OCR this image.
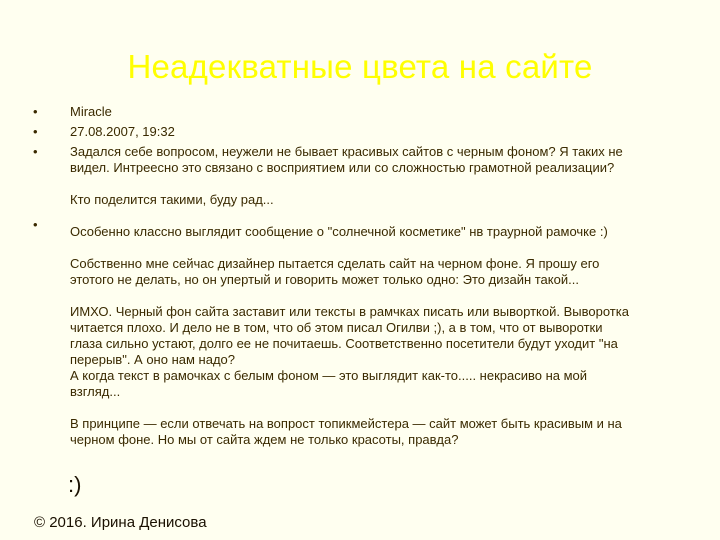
Неадекватные цвета на сайте
•
•
•
•

Miracle

27.08.2007, 19:32

Задался себе вопросом, неужели не бывает красивых сайтов с черным фоном? Я таких не

видел. Интреесно это связано с восприятием или со сложностью грамотной реализации?

Кто поделится такими, буду рад...

Особенно классно выглядит сообщение о "солнечной косметике" нв траурной рамочке :)

Собственно мне сейчас дизайнер пытается сделать сайт на черном фоне. Я прошу его

этотого не делать, но он упертый и говорить может только одно: Это дизайн такой...

ИМХО. Черный фон сайта заставит или тексты в рамчках писать или выворткой. Выворотка

читается плохо. И дело не в том, что об этом писал Огилви ;), а в том, что от выворотки

глаза сильно устают, долго ее не почитаешь. Соответственно посетители будут уходит "на

перерыв". А оно нам надо?

А когда текст в рамочках с белым фоном — это выглядит как-то..... некрасиво на мой

взгляд...

В принципе — если отвечать на вопрост топикмейстера — сайт может быть красивым и на

черном фоне. Но мы от сайта ждем не только красоты, правда?

:)
© 2016. Ирина Денисова
